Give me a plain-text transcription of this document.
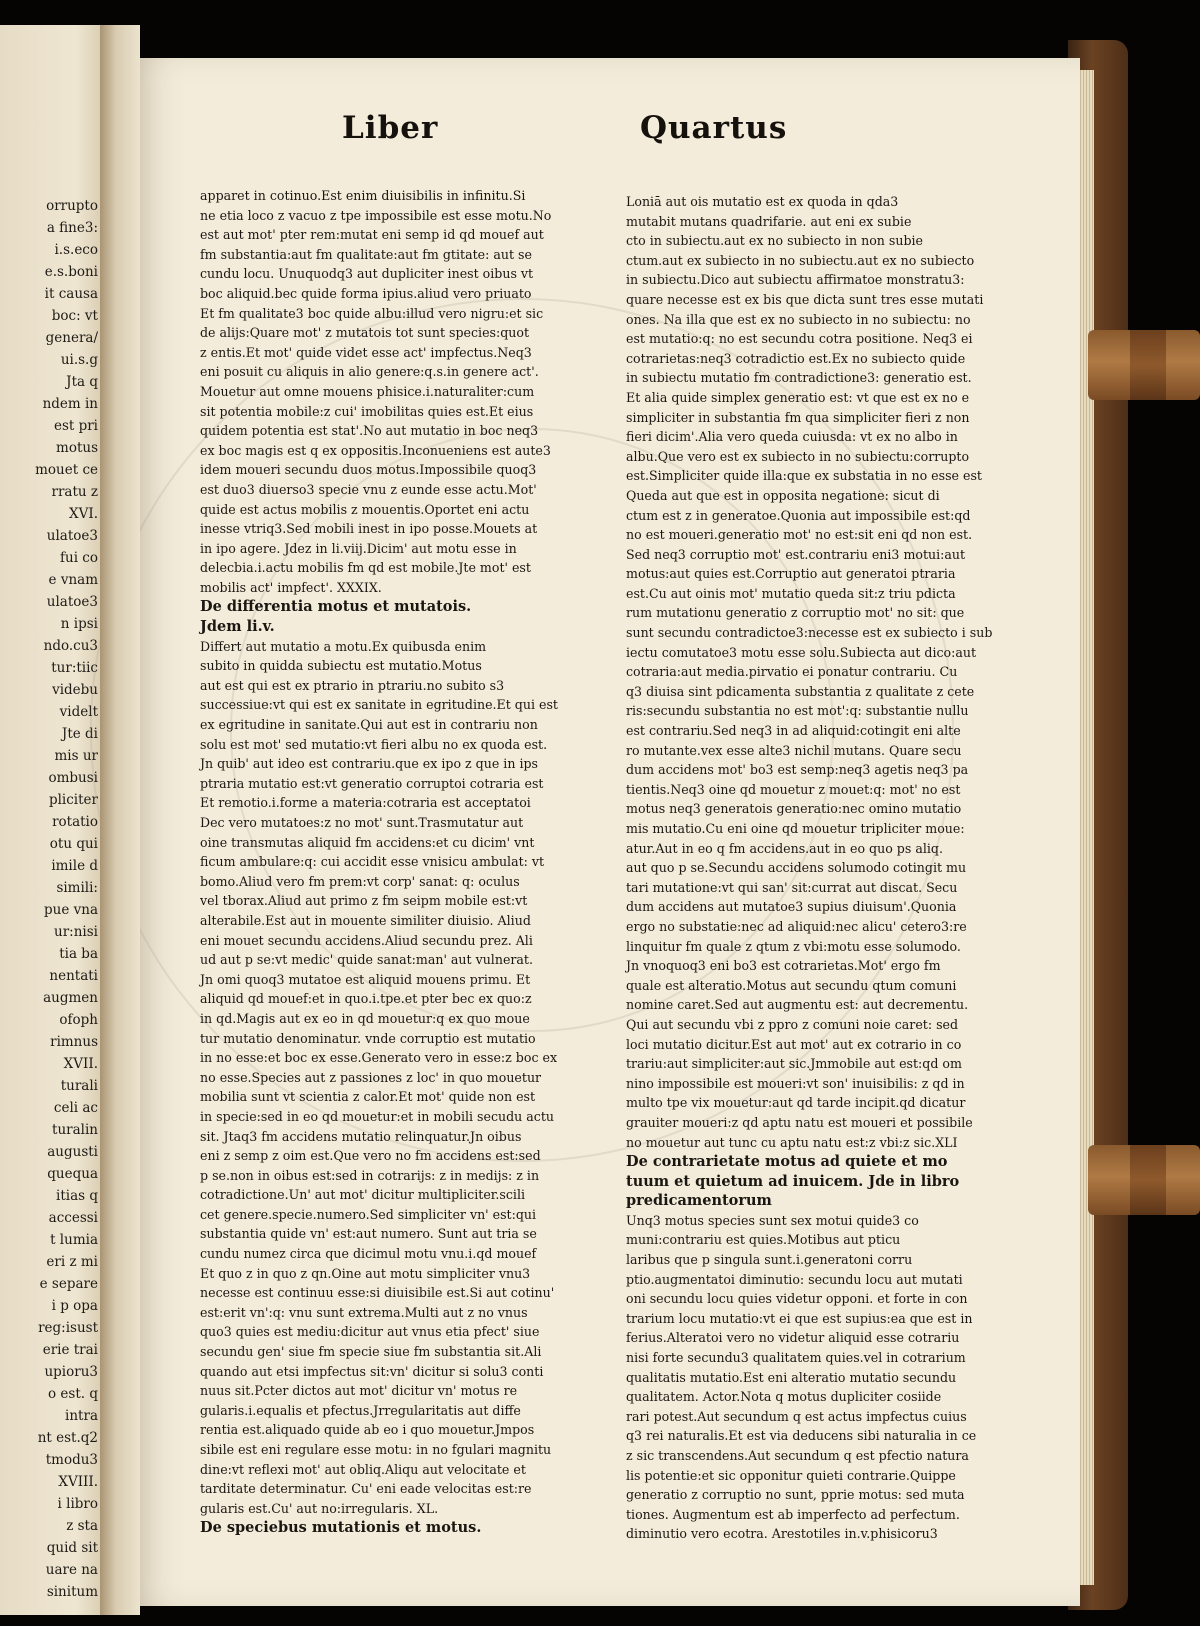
orrupto
a fine3:
i.s.eco
e.s.boni
it causa
boc: vt
genera/
ui.s.g
Jta q
ndem in
est pri
motus
mouet ce
rratu z
XVI.
ulatoe3
fui co
e vnam
ulatoe3
n ipsi
ndo.cu3
tur:tiic
videbu
videlt
Jte di
mis ur
ombusi
pliciter
rotatio
otu qui
imile d
simili:
pue vna
ur:nisi
tia ba
nentati
augmen
ofoph
rimnus
XVII.
turali
celi ac
turalin
augusti
quequa
itias q
accessi
t lumia
eri z mi
e separe
i p opa
reg:isust
erie trai
upioru3
o est. q
intra
nt est.q2
tmodu3
XVIII.
i libro
z sta
quid sit
uare na
sinitum
Liber	Quartus
apparet in cotinuo.Est enim diuisibilis in infinitu.Si
ne etia loco z vacuo z tpe impossibile est esse motu.No
est aut mot' pter rem:mutat eni semp id qd mouef aut
fm substantia:aut fm qualitate:aut fm gtitate: aut se
cundu locu. Unuquodq3 aut dupliciter inest oibus vt
boc aliquid.bec quide forma ipius.aliud vero priuato
Et fm qualitate3 boc quide albu:illud vero nigru:et sic
de alijs:Quare mot' z mutatois tot sunt species:quot
z entis.Et mot' quide videt esse act' impfectus.Neq3
eni posuit cu aliquis in alio genere:q.s.in genere act'.
Mouetur aut omne mouens phisice.i.naturaliter:cum
sit potentia mobile:z cui' imobilitas quies est.Et eius
quidem potentia est stat'.No aut mutatio in boc neq3
ex boc magis est q ex oppositis.Inconueniens est aute3
idem moueri secundu duos motus.Impossibile quoq3
est duo3 diuerso3 specie vnu z eunde esse actu.Mot'
quide est actus mobilis z mouentis.Oportet eni actu
inesse vtriq3.Sed mobili inest in ipo posse.Mouets at
in ipo agere. Jdez in li.viij.Dicim' aut motu esse in
delecbia.i.actu mobilis fm qd est mobile.Jte mot' est
mobilis act' impfect'. XXXIX.
De differentia motus et mutatois.
Jdem li.v.
Differt aut mutatio a motu.Ex quibusda enim
subito in quidda subiectu est mutatio.Motus
aut est qui est ex ptrario in ptrariu.no subito s3
successiue:vt qui est ex sanitate in egritudine.Et qui est
ex egritudine in sanitate.Qui aut est in contrariu non
solu est mot' sed mutatio:vt fieri albu no ex quoda est.
Jn quib' aut ideo est contrariu.que ex ipo z que in ips
ptraria mutatio est:vt generatio corruptoi cotraria est
Et remotio.i.forme a materia:cotraria est acceptatoi
Dec vero mutatoes:z no mot' sunt.Trasmutatur aut
oine transmutas aliquid fm accidens:et cu dicim' vnt
ficum ambulare:q: cui accidit esse vnisicu ambulat: vt
bomo.Aliud vero fm prem:vt corp' sanat: q: oculus
vel tborax.Aliud aut primo z fm seipm mobile est:vt
alterabile.Est aut in mouente similiter diuisio. Aliud
eni mouet secundu accidens.Aliud secundu prez. Ali
ud aut p se:vt medic' quide sanat:man' aut vulnerat.
Jn omi quoq3 mutatoe est aliquid mouens primu. Et
aliquid qd mouef:et in quo.i.tpe.et pter bec ex quo:z
in qd.Magis aut ex eo in qd mouetur:q ex quo moue
tur mutatio denominatur. vnde corruptio est mutatio
in no esse:et boc ex esse.Generato vero in esse:z boc ex
no esse.Species aut z passiones z loc' in quo mouetur
mobilia sunt vt scientia z calor.Et mot' quide non est
in specie:sed in eo qd mouetur:et in mobili secudu actu
sit. Jtaq3 fm accidens mutatio relinquatur.Jn oibus
eni z semp z oim est.Que vero no fm accidens est:sed
p se.non in oibus est:sed in cotrarijs: z in medijs: z in
cotradictione.Un' aut mot' dicitur multipliciter.scili
cet genere.specie.numero.Sed simpliciter vn' est:qui
substantia quide vn' est:aut numero. Sunt aut tria se
cundu numez circa que dicimul motu vnu.i.qd mouef
Et quo z in quo z qn.Oine aut motu simpliciter vnu3
necesse est continuu esse:si diuisibile est.Si aut cotinu'
est:erit vn':q: vnu sunt extrema.Multi aut z no vnus
quo3 quies est mediu:dicitur aut vnus etia pfect' siue
secundu gen' siue fm specie siue fm substantia sit.Ali
quando aut etsi impfectus sit:vn' dicitur si solu3 conti
nuus sit.Pcter dictos aut mot' dicitur vn' motus re
gularis.i.equalis et pfectus.Jrregularitatis aut diffe
rentia est.aliquado quide ab eo i quo mouetur.Jmpos
sibile est eni regulare esse motu: in no fgulari magnitu
dine:vt reflexi mot' aut obliq.Aliqu aut velocitate et
tarditate determinatur. Cu' eni eade velocitas est:re
gularis est.Cu' aut no:irregularis. XL.
De speciebus mutationis et motus.
Loniā aut ois mutatio est ex quoda in qda3
mutabit mutans quadrifarie. aut eni ex subie
cto in subiectu.aut ex no subiecto in non subie
ctum.aut ex subiecto in no subiectu.aut ex no subiecto
in subiectu.Dico aut subiectu affirmatoe monstratu3:
quare necesse est ex bis que dicta sunt tres esse mutati
ones. Na illa que est ex no subiecto in no subiectu: no
est mutatio:q: no est secundu cotra positione. Neq3 ei
cotrarietas:neq3 cotradictio est.Ex no subiecto quide
in subiectu mutatio fm contradictione3: generatio est.
Et alia quide simplex generatio est: vt que est ex no e
simpliciter in substantia fm qua simpliciter fieri z non
fieri dicim'.Alia vero queda cuiusda: vt ex no albo in
albu.Que vero est ex subiecto in no subiectu:corrupto
est.Simpliciter quide illa:que ex substatia in no esse est
Queda aut que est in opposita negatione: sicut di
ctum est z in generatoe.Quonia aut impossibile est:qd
no est moueri.generatio mot' no est:sit eni qd non est.
Sed neq3 corruptio mot' est.contrariu eni3 motui:aut
motus:aut quies est.Corruptio aut generatoi ptraria
est.Cu aut oinis mot' mutatio queda sit:z triu pdicta
rum mutationu generatio z corruptio mot' no sit: que
sunt secundu contradictoe3:necesse est ex subiecto i sub
iectu comutatoe3 motu esse solu.Subiecta aut dico:aut
cotraria:aut media.pirvatio ei ponatur contrariu. Cu
q3 diuisa sint pdicamenta substantia z qualitate z cete
ris:secundu substantia no est mot':q: substantie nullu
est contrariu.Sed neq3 in ad aliquid:cotingit eni alte
ro mutante.vex esse alte3 nichil mutans. Quare secu
dum accidens mot' bo3 est semp:neq3 agetis neq3 pa
tientis.Neq3 oine qd mouetur z mouet:q: mot' no est
motus neq3 generatois generatio:nec omino mutatio
mis mutatio.Cu eni oine qd mouetur tripliciter moue:
atur.Aut in eo q fm accidens.aut in eo quo ps aliq.
aut quo p se.Secundu accidens solumodo cotingit mu
tari mutatione:vt qui san' sit:currat aut discat. Secu
dum accidens aut mutatoe3 supius diuisum'.Quonia
ergo no substatie:nec ad aliquid:nec alicu' cetero3:re
linquitur fm quale z qtum z vbi:motu esse solumodo.
Jn vnoquoq3 eni bo3 est cotrarietas.Mot' ergo fm
quale est alteratio.Motus aut secundu qtum comuni
nomine caret.Sed aut augmentu est: aut decrementu.
Qui aut secundu vbi z ppro z comuni noie caret: sed
loci mutatio dicitur.Est aut mot' aut ex cotrario in co
trariu:aut simpliciter:aut sic.Jmmobile aut est:qd om
nino impossibile est moueri:vt son' inuisibilis: z qd in
multo tpe vix mouetur:aut qd tarde incipit.qd dicatur
grauiter moueri:z qd aptu natu est moueri et possibile
no mouetur aut tunc cu aptu natu est:z vbi:z sic.XLI
De contrarietate motus ad quiete et mo
tuum et quietum ad inuicem. Jde in libro
predicamentorum
Unq3 motus species sunt sex motui quide3 co
muni:contrariu est quies.Motibus aut pticu
laribus que p singula sunt.i.generatoni corru
ptio.augmentatoi diminutio: secundu locu aut mutati
oni secundu locu quies videtur opponi. et forte in con
trarium locu mutatio:vt ei que est supius:ea que est in
ferius.Alteratoi vero no videtur aliquid esse cotrariu
nisi forte secundu3 qualitatem quies.vel in cotrarium
qualitatis mutatio.Est eni alteratio mutatio secundu
qualitatem. Actor.Nota q motus dupliciter cosiide
rari potest.Aut secundum q est actus impfectus cuius
q3 rei naturalis.Et est via deducens sibi naturalia in ce
z sic transcendens.Aut secundum q est pfectio natura
lis potentie:et sic opponitur quieti contrarie.Quippe
generatio z corruptio no sunt, pprie motus: sed muta
tiones. Augmentum est ab imperfecto ad perfectum.
diminutio vero ecotra. Arestotiles in.v.phisicoru3
